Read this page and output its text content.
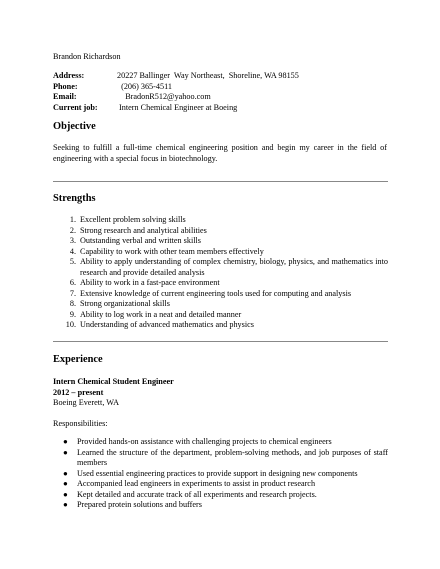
Brandon Richardson
Address:	20227 Ballinger  Way Northeast,  Shoreline, WA 98155
Phone:	(206) 365-4511
Email:	BradonR512@yahoo.com
Current job:	Intern Chemical Engineer at Boeing
Objective
Seeking to fulfill a full-time chemical engineering position and begin my career in the field of engineering with a special focus in biotechnology.
Strengths
1. Excellent problem solving skills
2. Strong research and analytical abilities
3. Outstanding verbal and written skills
4. Capability to work with other team members effectively
5. Ability to apply understanding of complex chemistry, biology, physics, and mathematics into research and provide detailed analysis
6. Ability to work in a fast-pace environment
7. Extensive knowledge of current engineering tools used for computing and analysis
8. Strong organizational skills
9. Ability to log work in a neat and detailed manner
10. Understanding of advanced mathematics and physics
Experience
Intern Chemical Student Engineer
2012 – present
Boeing Everett, WA
Responsibilities:
●	Provided hands-on assistance with challenging projects to chemical engineers
●	Learned the structure of the department, problem-solving methods, and job purposes of staff members
●	Used essential engineering practices to provide support in designing new components
●	Accompanied lead engineers in experiments to assist in product research
●	Kept detailed and accurate track of all experiments and research projects.
●	Prepared protein solutions and buffers
